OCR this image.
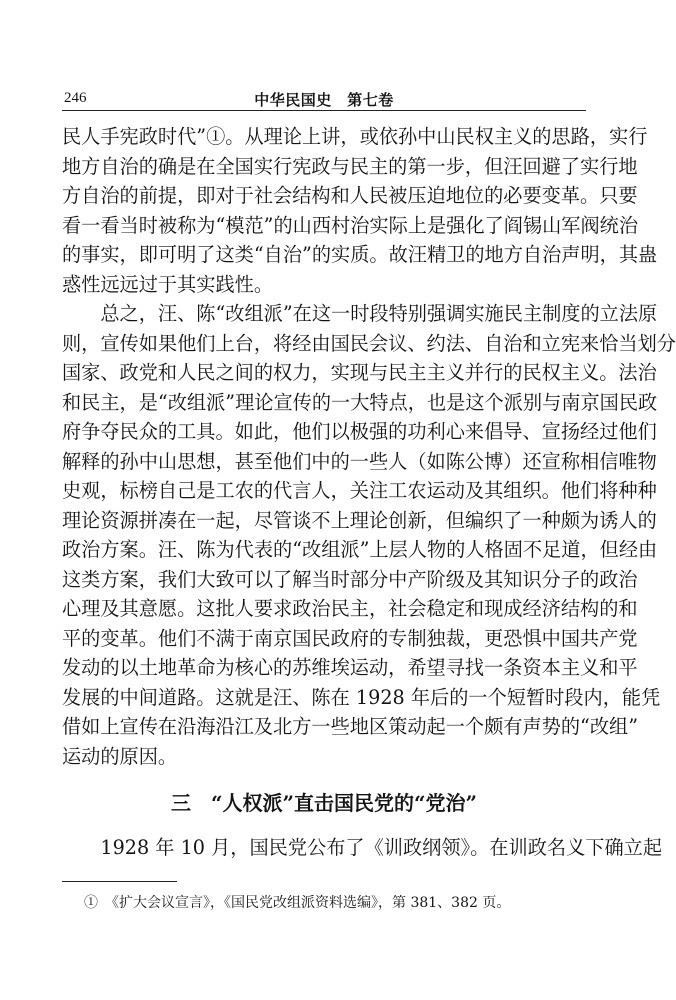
246	中华民国史　第七卷
三　“人权派”直击国民党的“党治”
①　《扩大会议宣言》，《国民党改组派资料选编》，第 381、382 页。
民人手宪政时代”①。从理论上讲，或依孙中山民权主义的思路，实行
地方自治的确是在全国实行宪政与民主的第一步，但汪回避了实行地
方自治的前提，即对于社会结构和人民被压迫地位的必要变革。只要
看一看当时被称为“模范”的山西村治实际上是强化了阎锡山军阀统治
的事实，即可明了这类“自治”的实质。故汪精卫的地方自治声明，其蛊
惑性远远过于其实践性。
　　总之，汪、陈“改组派”在这一时段特别强调实施民主制度的立法原
则，宣传如果他们上台，将经由国民会议、约法、自治和立宪来恰当划分
国家、政党和人民之间的权力，实现与民主主义并行的民权主义。法治
和民主，是“改组派”理论宣传的一大特点，也是这个派别与南京国民政
府争夺民众的工具。如此，他们以极强的功利心来倡导、宣扬经过他们
解释的孙中山思想，甚至他们中的一些人（如陈公博）还宣称相信唯物
史观，标榜自己是工农的代言人，关注工农运动及其组织。他们将种种
理论资源拼凑在一起，尽管谈不上理论创新，但编织了一种颇为诱人的
政治方案。汪、陈为代表的“改组派”上层人物的人格固不足道，但经由
这类方案，我们大致可以了解当时部分中产阶级及其知识分子的政治
心理及其意愿。这批人要求政治民主，社会稳定和现成经济结构的和
平的变革。他们不满于南京国民政府的专制独裁，更恐惧中国共产党
发动的以土地革命为核心的苏维埃运动，希望寻找一条资本主义和平
发展的中间道路。这就是汪、陈在 1928 年后的一个短暂时段内，能凭
借如上宣传在沿海沿江及北方一些地区策动起一个颇有声势的“改组”
运动的原因。
　　1928 年 10 月，国民党公布了《训政纲领》。在训政名义下确立起
